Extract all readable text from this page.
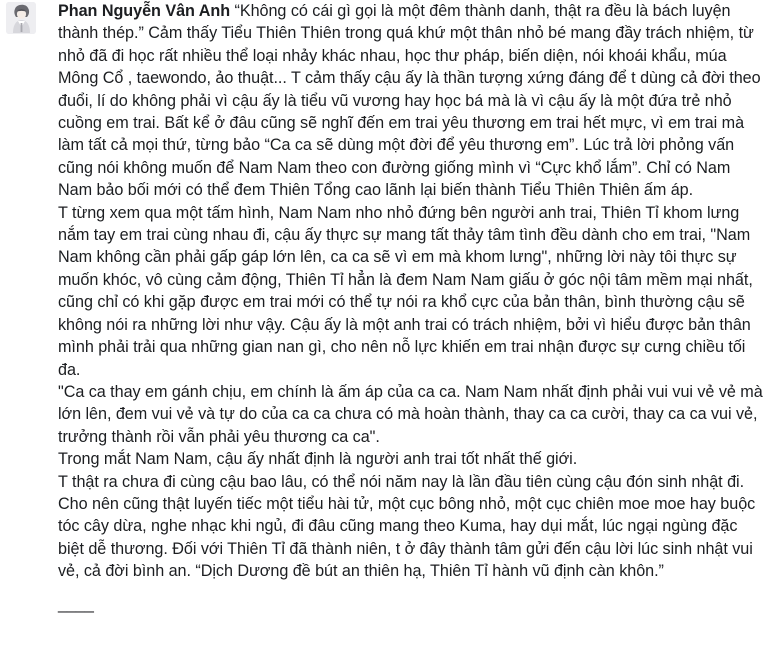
Phan Nguyễn Vân Anh “Không có cái gì gọi là một đêm thành danh, thật ra đều là bách luyện thành thép.” Cảm thấy Tiểu Thiên Thiên trong quá khứ một thân nhỏ bé mang đầy trách nhiệm, từ nhỏ đã đi học rất nhiều thể loại nhảy khác nhau, học thư pháp, biến diện, nói khoái khẩu, múa Mông Cổ , taewondo, ảo thuật... T cảm thấy cậu ấy là thần tượng xứng đáng để t dùng cả đời theo đuổi, lí do không phải vì cậu ấy là tiểu vũ vương hay học bá mà là vì cậu ấy là một đứa trẻ nhỏ cuồng em trai. Bất kể ở đâu cũng sẽ nghĩ đến em trai yêu thương em trai hết mực, vì em trai mà làm tất cả mọi thứ, từng bảo “Ca ca sẽ dùng một đời để yêu thương em”. Lúc trả lời phỏng vấn cũng nói không muốn để Nam Nam theo con đường giống mình vì “Cực khổ lắm”. Chỉ có Nam Nam bảo bối mới có thể đem Thiên Tổng cao lãnh lại biến thành Tiểu Thiên Thiên ấm áp.

T từng xem qua một tấm hình, Nam Nam nho nhỏ đứng bên người anh trai, Thiên Tỉ khom lưng nắm tay em trai cùng nhau đi, cậu ấy thực sự mang tất thảy tâm tình đều dành cho em trai, "Nam Nam không cần phải gấp gáp lớn lên, ca ca sẽ vì em mà khom lưng", những lời này tôi thực sự muốn khóc, vô cùng cảm động, Thiên Tỉ hẳn là đem Nam Nam giấu ở góc nội tâm mềm mại nhất, cũng chỉ có khi gặp được em trai mới có thể tự nói ra khổ cực của bản thân, bình thường cậu sẽ không nói ra những lời như vậy. Cậu ấy là một anh trai có trách nhiệm, bởi vì hiểu được bản thân mình phải trải qua những gian nan gì, cho nên nỗ lực khiến em trai nhận được sự cưng chiều tối đa.

"Ca ca thay em gánh chịu, em chính là ấm áp của ca ca. Nam Nam nhất định phải vui vui vẻ vẻ mà lớn lên, đem vui vẻ và tự do của ca ca chưa có mà hoàn thành, thay ca ca cười, thay ca ca vui vẻ, trưởng thành rồi vẫn phải yêu thương ca ca".

Trong mắt Nam Nam, cậu ấy nhất định là người anh trai tốt nhất thế giới.

T thật ra chưa đi cùng cậu bao lâu, có thể nói năm nay là lần đầu tiên cùng cậu đón sinh nhật đi. Cho nên cũng thật luyến tiếc một tiểu hài tử, một cục bông nhỏ, một cục chiên moe moe hay buộc tóc cây dừa, nghe nhạc khi ngủ, đi đâu cũng mang theo Kuma, hay dụi mắt, lúc ngại ngùng đặc biệt dễ thương. Đối với Thiên Tỉ đã thành niên, t ở đây thành tâm gửi đến cậu lời lúc sinh nhật vui vẻ, cả đời bình an. “Dịch Dương đề bút an thiên hạ, Thiên Tỉ hành vũ định càn khôn.”

____
